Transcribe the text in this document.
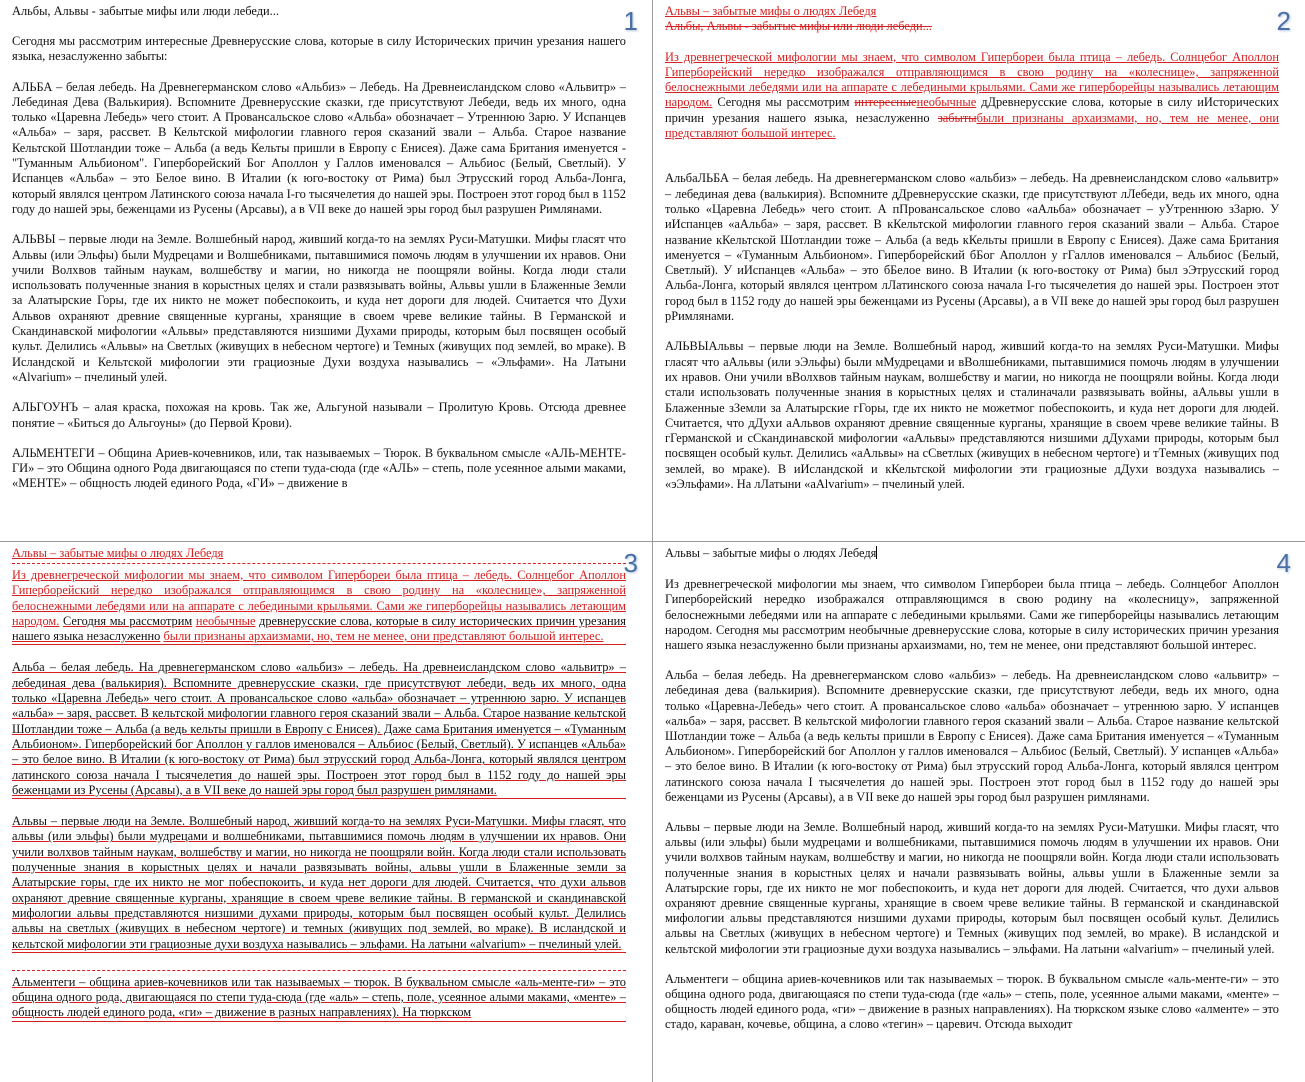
1

Альбы, Альвы - забытые мифы или люди лебеди...

Сегодня мы рассмотрим интересные Древнерусские слова, которые в силу Исторических причин урезания нашего языка, незаслуженно забыты:

АЛЬБА – белая лебедь. На Древнегерманском слово «Альбиз» – Лебедь. На Древнеисландском слово «Альвитр» – Лебединая Дева (Валькирия). Вспомните Древнерусские сказки, где присутствуют Лебеди, ведь их много, одна только «Царевна Лебедь» чего стоит. А Провансальское слово «Альба» обозначает – Утреннюю Зарю. У Испанцев «Альба» – заря, рассвет. В Кельтской мифологии главного героя сказаний звали – Альба. Старое название Кельтской Шотландии тоже – Альба (а ведь Кельты пришли в Европу с Енисея). Даже сама Британия именуется - "Туманным Альбионом". Гиперборейский Бог Аполлон у Галлов именовался – Альбиос (Белый, Светлый). У Испанцев «Альба» – это Белое вино. В Италии (к юго-востоку от Рима) был Этрусский город Альба-Лонга, который являлся центром Латинского союза начала I-го тысячелетия до нашей эры. Построен этот город был в 1152 году до нашей эры, беженцами из Русены (Арсавы), а в VII веке до нашей эры город был разрушен Римлянами.

АЛЬВЫ – первые люди на Земле. Волшебный народ, живший когда-то на землях Руси-Матушки. Мифы гласят что Альвы (или Эльфы) были Мудрецами и Волшебниками, пытавшимися помочь людям в улучшении их нравов. Они учили Волхвов тайным наукам, волшебству и магии, но никогда не поощряли войны. Когда люди стали использовать полученные знания в корыстных целях и стали развязывать войны, Альвы ушли в Блаженные Земли за Алатырские Горы, где их никто не может побеспокоить, и куда нет дороги для людей. Считается что Духи Альвов охраняют древние священные курганы, хранящие в своем чреве великие тайны. В Германской и Скандинавской мифологии «Альвы» представляются низшими Духами природы, которым был посвящен особый культ. Делились «Альвы» на Светлых (живущих в небесном чертоге) и Темных (живущих под землей, во мраке). В Исландской и Кельтской мифологии эти грациозные Духи воздуха назывались – «Эльфами». На Латыни «Alvarium» – пчелиный улей.

АЛЬГОУНЪ – алая краска, похожая на кровь. Так же, Альгуной называли – Пролитую Кровь. Отсюда древнее понятие – «Биться до Альгоуны» (до Первой Крови).

АЛЬМЕНТЕГИ – Община Ариев-кочевников, или, так называемых – Тюрок. В буквальном смысле «АЛЬ-МЕНТЕ-ГИ» – это Община одного Рода двигающаяся по степи туда-сюда (где «АЛЬ» – степь, поле усеянное алыми маками, «МЕНТЕ» – общность людей единого Рода, «ГИ» – движение в

2

Альвы – забытые мифы о людях Лебедя

Альбы, Альвы - забытые мифы или люди лебеди...

Из древнегреческой мифологии мы знаем, что символом Гипербореи была птица – лебедь. Солнцебог Аполлон Гиперборейский нередко изображался отправляющимся в свою родину на «колеснице», запряженной белоснежными лебедями или на аппарате с лебедиными крыльями. Сами же гиперборейцы назывались летающим народом. Сегодня мы рассмотрим интересныенеобычные дДревнерусские слова, которые в силу иИсторических причин урезания нашего языка, незаслуженно забытыбыли признаны архаизмами, но, тем не менее, они представляют большой интерес.

АльбаЛЬБА – белая лебедь. На древнегерманском слово «альбиз» – лебедь. На древнеисландском слово «альвитр» – лебединая дева (валькирия). Вспомните дДревнерусские сказки, где присутствуют лЛебеди, ведь их много, одна только «Царевна Лебедь» чего стоит. А пПровансальское слово «аАльба» обозначает – уУтреннюю зЗарю. У иИспанцев «аАльба» – заря, рассвет. В кКельтской мифологии главного героя сказаний звали – Альба. Старое название кКельтской Шотландии тоже – Альба (а ведь кКельты пришли в Европу с Енисея). Даже сама Британия именуется – «Туманным Альбионом». Гиперборейский бБог Аполлон у гГаллов именовался – Альбиос (Белый, Светлый). У иИспанцев «Альба» – это бБелое вино. В Италии (к юго-востоку от Рима) был эЭтрусский город Альба-Лонга, который являлся центром лЛатинского союза начала I-го тысячелетия до нашей эры. Построен этот город был в 1152 году до нашей эры беженцами из Русены (Арсавы), а в VII веке до нашей эры город был разрушен рРимлянами.

АЛЬВЫАльвы – первые люди на Земле. Волшебный народ, живший когда-то на землях Руси-Матушки. Мифы гласят что аАльвы (или эЭльфы) были мМудрецами и вВолшебниками, пытавшимися помочь людям в улучшении их нравов. Они учили вВолхвов тайным наукам, волшебству и магии, но никогда не поощряли войны. Когда люди стали использовать полученные знания в корыстных целях и сталиначали развязывать войны, аАльвы ушли в Блаженные зЗемли за Алатырские гГоры, где их никто не можетмог побеспокоить, и куда нет дороги для людей. Считается, что дДухи аАльвов охраняют древние священные курганы, хранящие в своем чреве великие тайны. В гГерманской и сСкандинавской мифологии «аАльвы» представляются низшими дДухами природы, которым был посвящен особый культ. Делились «аАльвы» на сСветлых (живущих в небесном чертоге) и тТемных (живущих под землей, во мраке). В иИсландской и кКельтской мифологии эти грациозные дДухи воздуха назывались – «эЭльфами». На лЛатыни «аAlvarium» – пчелиный улей.

3

Альвы – забытые мифы о людях Лебедя

Из древнегреческой мифологии мы знаем, что символом Гипербореи была птица – лебедь. Солнцебог Аполлон Гиперборейский нередко изображался отправляющимся в свою родину на «колеснице», запряженной белоснежными лебедями или на аппарате с лебедиными крыльями. Сами же гиперборейцы назывались летающим народом. Сегодня мы рассмотрим необычные древнерусские слова, которые в силу исторических причин урезания нашего языка незаслуженно были признаны архаизмами, но, тем не менее, они представляют большой интерес.

Альба – белая лебедь. На древнегерманском слово «альбиз» – лебедь. На древнеисландском слово «альвитр» – лебединая дева (валькирия). Вспомните древнерусские сказки, где присутствуют лебеди, ведь их много, одна только «Царевна Лебедь» чего стоит. А провансальское слово «альба» обозначает – утреннюю зарю. У испанцев «альба» – заря, рассвет. В кельтской мифологии главного героя сказаний звали – Альба. Старое название кельтской Шотландии тоже – Альба (а ведь кельты пришли в Европу с Енисея). Даже сама Британия именуется – «Туманным Альбионом». Гиперборейский бог Аполлон у галлов именовался – Альбиос (Белый, Светлый). У испанцев «Альба» – это белое вино. В Италии (к юго-востоку от Рима) был этрусский город Альба-Лонга, который являлся центром латинского союза начала I тысячелетия до нашей эры. Построен этот город был в 1152 году до нашей эры беженцами из Русены (Арсавы), а в VII веке до нашей эры город был разрушен римлянами.

Альвы – первые люди на Земле. Волшебный народ, живший когда-то на землях Руси-Матушки. Мифы гласят, что альвы (или эльфы) были мудрецами и волшебниками, пытавшимися помочь людям в улучшении их нравов. Они учили волхвов тайным наукам, волшебству и магии, но никогда не поощряли войн. Когда люди стали использовать полученные знания в корыстных целях и начали развязывать войны, альвы ушли в Блаженные земли за Алатырские горы, где их никто не мог побеспокоить, и куда нет дороги для людей. Считается, что духи альвов охраняют древние священные курганы, хранящие в своем чреве великие тайны. В германской и скандинавской мифологии альвы представляются низшими духами природы, которым был посвящен особый культ. Делились альвы на светлых (живущих в небесном чертоге) и темных (живущих под землей, во мраке). В исландской и кельтской мифологии эти грациозные духи воздуха назывались – эльфами. На латыни «alvarium» – пчелиный улей.

Альментеги – община ариев-кочевников или так называемых – тюрок. В буквальном смысле «аль-менте-ги» – это община одного рода, двигающаяся по степи туда-сюда (где «аль» – степь, поле, усеянное алыми маками, «менте» – общность людей единого рода, «ги» – движение в разных направлениях). На тюркском

4

Альвы – забытые мифы о людях Лебедя

Из древнегреческой мифологии мы знаем, что символом Гипербореи была птица – лебедь. Солнцебог Аполлон Гиперборейский нередко изображался отправляющимся в свою родину на «колесницу», запряженной белоснежными лебедями или на аппарате с лебедиными крыльями. Сами же гиперборейцы назывались летающим народом. Сегодня мы рассмотрим необычные древнерусские слова, которые в силу исторических причин урезания нашего языка незаслуженно были признаны архаизмами, но, тем не менее, они представляют большой интерес.

Альба – белая лебедь. На древнегерманском слово «альбиз» – лебедь. На древнеисландском слово «альвитр» – лебединая дева (валькирия). Вспомните древнерусские сказки, где присутствуют лебеди, ведь их много, одна только «Царевна-Лебедь» чего стоит. А провансальское слово «альба» обозначает – утреннюю зарю. У испанцев «альба» – заря, рассвет. В кельтской мифологии главного героя сказаний звали – Альба. Старое название кельтской Шотландии тоже – Альба (а ведь кельты пришли в Европу с Енисея). Даже сама Британия именуется – «Туманным Альбионом». Гиперборейский бог Аполлон у галлов именовался – Альбиос (Белый, Светлый). У испанцев «Альба» – это белое вино. В Италии (к юго-востоку от Рима) был этрусский город Альба-Лонга, который являлся центром латинского союза начала I тысячелетия до нашей эры. Построен этот город был в 1152 году до нашей эры беженцами из Русены (Арсавы), а в VII веке до нашей эры город был разрушен римлянами.

Альвы – первые люди на Земле. Волшебный народ, живший когда-то на землях Руси-Матушки. Мифы гласят, что альвы (или эльфы) были мудрецами и волшебниками, пытавшимися помочь людям в улучшении их нравов. Они учили волхвов тайным наукам, волшебству и магии, но никогда не поощряли войн. Когда люди стали использовать полученные знания в корыстных целях и начали развязывать войны, альвы ушли в Блаженные земли за Алатырские горы, где их никто не мог побеспокоить, и куда нет дороги для людей. Считается, что духи альвов охраняют древние священные курганы, хранящие в своем чреве великие тайны. В германской и скандинавской мифологии альвы представляются низшими духами природы, которым был посвящен особый культ. Делились альвы на Светлых (живущих в небесном чертоге) и Темных (живущих под землей, во мраке). В исландской и кельтской мифологии эти грациозные духи воздуха назывались – эльфами. На латыни «alvarium» – пчелиный улей.

Альментеги – община ариев-кочевников или так называемых – тюрок. В буквальном смысле «аль-менте-ги» – это община одного рода, двигающаяся по степи туда-сюда (где «аль» – степь, поле, усеянное алыми маками, «менте» – общность людей единого рода, «ги» – движение в разных направлениях). На тюркском языке слово «алменте» – это стадо, караван, кочевье, община, а слово «тегин» – царевич. Отсюда выходит
